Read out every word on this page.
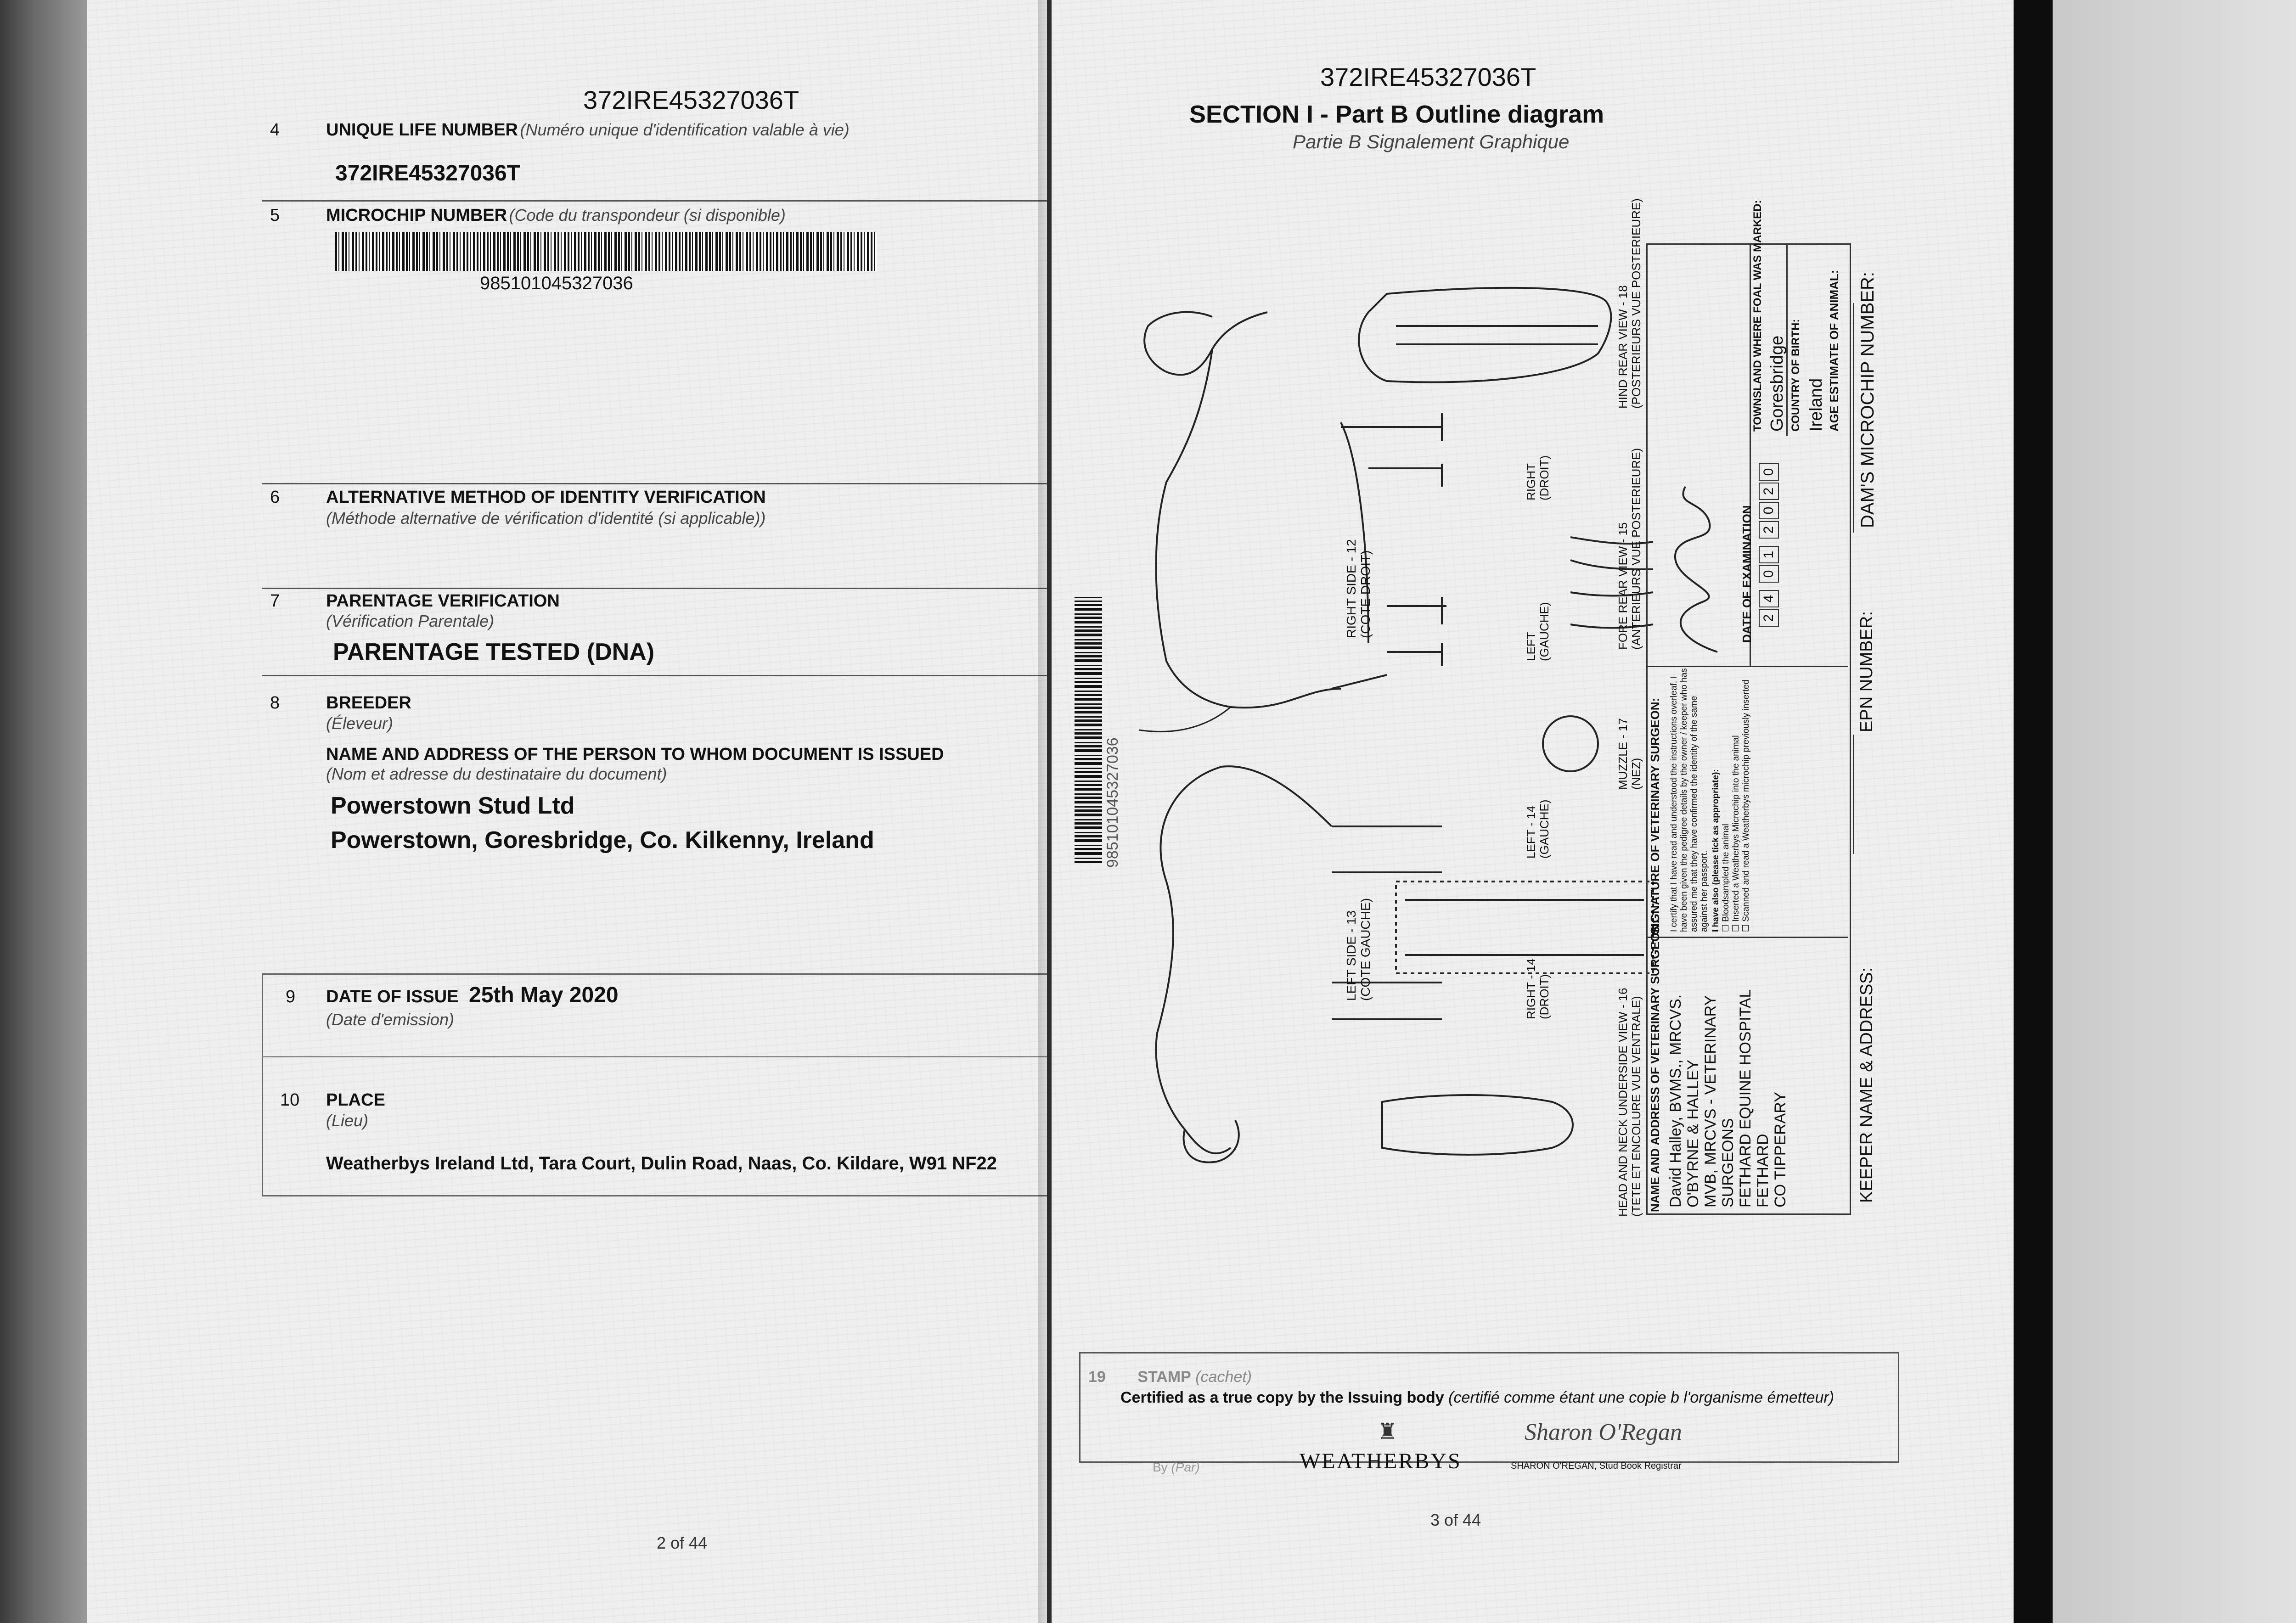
372IRE45327036T
4	UNIQUE LIFE NUMBER (Numéro unique d'identification valable à vie)
372IRE45327036T
5	MICROCHIP NUMBER (Code du transpondeur (si disponible)
985101045327036
6	ALTERNATIVE METHOD OF IDENTITY VERIFICATION
(Méthode alternative de vérification d'identité (si applicable))
7	PARENTAGE VERIFICATION
(Vérification Parentale)
PARENTAGE TESTED (DNA)
8	BREEDER
(Éleveur)
NAME AND ADDRESS OF THE PERSON TO WHOM DOCUMENT IS ISSUED
(Nom et adresse du destinataire du document)
Powerstown Stud Ltd
Powerstown, Goresbridge, Co. Kilkenny, Ireland
9 DATE OF ISSUE 25th May 2020
(Date d'emission)
10 PLACE
(Lieu)
Weatherbys Ireland Ltd, Tara Court, Dulin Road, Naas, Co. Kildare, W91 NF22
2 of 44
372IRE45327036T
SECTION I - Part B Outline diagram
Partie B Signalement Graphique
985101045327036
RIGHT SIDE - 12
(COTE DROIT)
LEFT SIDE - 13
(COTE GAUCHE)
LEFT
(GAUCHE)
RIGHT
(DROIT)
LEFT - 14
(GAUCHE)
RIGHT - 14
(DROIT)
MUZZLE - 17
(NEZ)
FORE REAR VIEW - 15
(ANTERIEURS VUE POSTERIEURE)
HIND REAR VIEW - 18
(POSTERIEURS VUE POSTERIEURE)
HEAD AND NECK UNDERSIDE VIEW - 16
(TETE ET ENCOLURE VUE VENTRALE) NAME AND ADDRESS OF VETERINARY SURGEON: David Halley, BVMS., MRCVS. O'BYRNE & HALLEY MVB, MRCVS - VETERINARY SURGEONS FETHARD EQUINE HOSPITAL FETHARD CO TIPPERARY
SIGNATURE OF VETERINARY SURGEON: I certify that I have read and understood the instructions overleaf. I have been given the pedigree details by the owner / keeper who has assured me that they have confirmed the identity of the same against her passport. I have also (please tick as appropriate): ☐ Bloodsampled the animal
☐ Inserted a Weatherbys Microchip into the animal
☐ Scanned and read a Weatherbys microchip previously inserted
DATE OF EXAMINATION 24012020
TOWNSLAND WHERE FOAL WAS MARKED: Goresbridge COUNTRY OF BIRTH: Ireland AGE ESTIMATE OF ANIMAL:
KEEPER NAME & ADDRESS:
EPN NUMBER:
DAM'S MICROCHIP NUMBER:
19 STAMP (cachet)
Certified as a true copy by the Issuing body (certifié comme étant une copie b l'organisme émetteur)
By (Par)
♜
WEATHERBYS
Sharon O'Regan
SHARON O'REGAN, Stud Book Registrar
3 of 44
